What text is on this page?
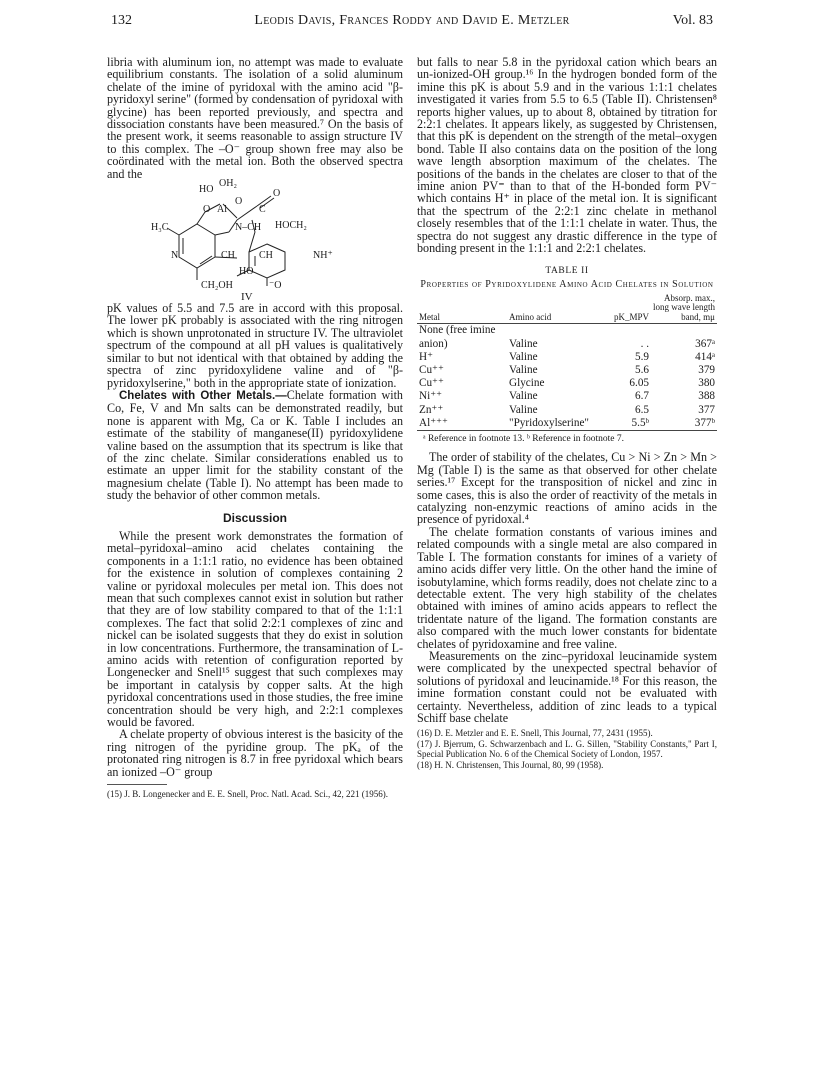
132	Leodis Davis, Frances Roddy and David E. Metzler	Vol. 83

libria with aluminum ion, no attempt was made to evaluate equilibrium constants. The isolation of a solid aluminum chelate of the imine of pyridoxal with the amino acid "β-pyridoxyl serine" (formed by condensation of pyridoxal with glycine) has been reported previously, and spectra and dissociation constants have been measured.⁷ On the basis of the present work, it seems reasonable to assign structure IV to this complex. The –O⁻ group shown free may also be coördinated with the metal ion. Both the observed spectra and the

HO
OH₂
O
O
C
Al
O
H₃C	N–CH HOCH₂
N	CH CH	NH⁺
HO
CH₂OH	⁻O
IV

pK values of 5.5 and 7.5 are in accord with this proposal. The lower pK probably is associated with the ring nitrogen which is shown unprotonated in structure IV. The ultraviolet spectrum of the compound at all pH values is qualitatively similar to but not identical with that obtained by adding the spectra of zinc pyridoxylidene valine and of "β-pyridoxylserine," both in the appropriate state of ionization.

Chelates with Other Metals.—Chelate formation with Co, Fe, V and Mn salts can be demonstrated readily, but none is apparent with Mg, Ca or K. Table I includes an estimate of the stability of manganese(II) pyridoxylidene valine based on the assumption that its spectrum is like that of the zinc chelate. Similar considerations enabled us to estimate an upper limit for the stability constant of the magnesium chelate (Table I). No attempt has been made to study the behavior of other common metals.

Discussion

While the present work demonstrates the formation of metal–pyridoxal–amino acid chelates containing the components in a 1:1:1 ratio, no evidence has been obtained for the existence in solution of complexes containing 2 valine or pyridoxal molecules per metal ion. This does not mean that such complexes cannot exist in solution but rather that they are of low stability compared to that of the 1:1:1 complexes. The fact that solid 2:2:1 complexes of zinc and nickel can be isolated suggests that they do exist in solution in low concentrations. Furthermore, the transamination of L-amino acids with retention of configuration reported by Longenecker and Snell¹⁵ suggest that such complexes may be important in catalysis by copper salts. At the high pyridoxal concentrations used in those studies, the free imine concentration should be very high, and 2:2:1 complexes would be favored.

A chelate property of obvious interest is the basicity of the ring nitrogen of the pyridine group. The pKₐ of the protonated ring nitrogen is 8.7 in free pyridoxal which bears an ionized –O⁻ group

(15) J. B. Longenecker and E. E. Snell, Proc. Natl. Acad. Sci., 42, 221 (1956).

but falls to near 5.8 in the pyridoxal cation which bears an un-ionized-OH group.¹⁶ In the hydrogen bonded form of the imine this pK is about 5.9 and in the various 1:1:1 chelates investigated it varies from 5.5 to 6.5 (Table II). Christensen⁸ reports higher values, up to about 8, obtained by titration for 2:2:1 chelates. It appears likely, as suggested by Christensen, that this pK is dependent on the strength of the metal–oxygen bond. Table II also contains data on the position of the long wave length absorption maximum of the chelates. The positions of the bands in the chelates are closer to that of the imine anion PV⁼ than to that of the H-bonded form PV⁻ which contains H⁺ in place of the metal ion. It is significant that the spectrum of the 2:2:1 zinc chelate in methanol closely resembles that of the 1:1:1 chelate in water. Thus, the spectra do not suggest any drastic difference in the type of bonding present in the 1:1:1 and 2:2:1 chelates.

TABLE II

Properties of Pyridoxylidene Amino Acid Chelates in Solution

Metal	Amino acid	pK_MPV	Absorp. max., long wave length band, mμ
None (free imine			
anion)	Valine	. .	367ᵃ
H⁺	Valine	5.9	414ᵃ
Cu⁺⁺	Valine	5.6	379
Cu⁺⁺	Glycine	6.05	380
Ni⁺⁺	Valine	6.7	388
Zn⁺⁺	Valine	6.5	377
Al⁺⁺⁺	"Pyridoxylserine"	5.5ᵇ	377ᵇ

ᵃ Reference in footnote 13. ᵇ Reference in footnote 7.

The order of stability of the chelates, Cu > Ni > Zn > Mn > Mg (Table I) is the same as that observed for other chelate series.¹⁷ Except for the transposition of nickel and zinc in some cases, this is also the order of reactivity of the metals in catalyzing non-enzymic reactions of amino acids in the presence of pyridoxal.⁴

The chelate formation constants of various imines and related compounds with a single metal are also compared in Table I. The formation constants for imines of a variety of amino acids differ very little. On the other hand the imine of isobutylamine, which forms readily, does not chelate zinc to a detectable extent. The very high stability of the chelates obtained with imines of amino acids appears to reflect the tridentate nature of the ligand. The formation constants are also compared with the much lower constants for bidentate chelates of pyridoxamine and free valine.

Measurements on the zinc–pyridoxal leucinamide system were complicated by the unexpected spectral behavior of solutions of pyridoxal and leucinamide.¹⁸ For this reason, the imine formation constant could not be evaluated with certainty. Nevertheless, addition of zinc leads to a typical Schiff base chelate

(16) D. E. Metzler and E. E. Snell, This Journal, 77, 2431 (1955).

(17) J. Bjerrum, G. Schwarzenbach and L. G. Sillen, "Stability Constants," Part I, Special Publication No. 6 of the Chemical Society of London, 1957.

(18) H. N. Christensen, This Journal, 80, 99 (1958).
